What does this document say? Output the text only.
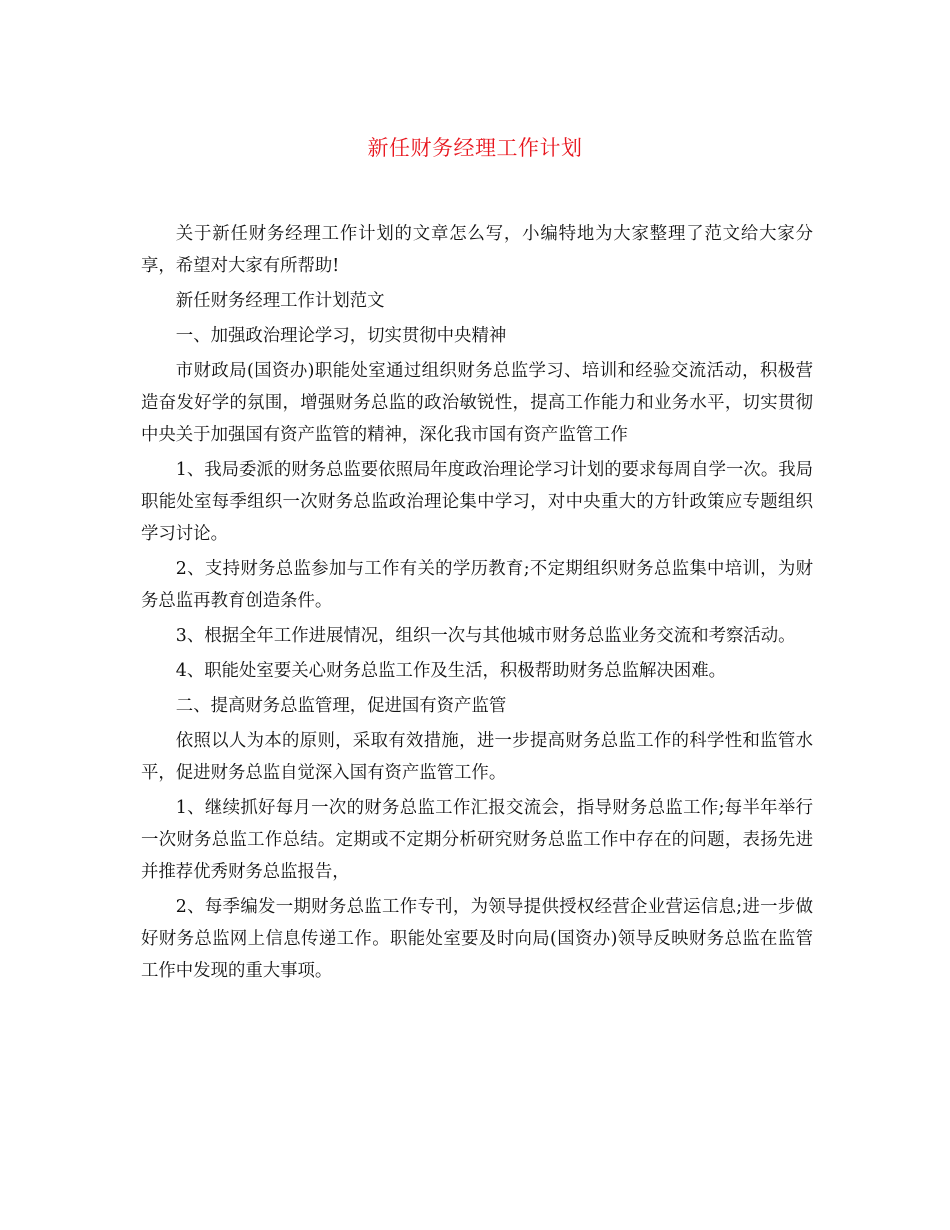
新任财务经理工作计划

关于新任财务经理工作计划的文章怎么写，小编特地为大家整理了范文给大家分享，希望对大家有所帮助!

新任财务经理工作计划范文

一、加强政治理论学习，切实贯彻中央精神

市财政局(国资办)职能处室通过组织财务总监学习、培训和经验交流活动，积极营造奋发好学的氛围，增强财务总监的政治敏锐性，提高工作能力和业务水平，切实贯彻中央关于加强国有资产监管的精神，深化我市国有资产监管工作

1、我局委派的财务总监要依照局年度政治理论学习计划的要求每周自学一次。我局职能处室每季组织一次财务总监政治理论集中学习，对中央重大的方针政策应专题组织学习讨论。

2、支持财务总监参加与工作有关的学历教育;不定期组织财务总监集中培训，为财务总监再教育创造条件。

3、根据全年工作进展情况，组织一次与其他城市财务总监业务交流和考察活动。

4、职能处室要关心财务总监工作及生活，积极帮助财务总监解决困难。

二、提高财务总监管理，促进国有资产监管

依照以人为本的原则，采取有效措施，进一步提高财务总监工作的科学性和监管水平，促进财务总监自觉深入国有资产监管工作。

1、继续抓好每月一次的财务总监工作汇报交流会，指导财务总监工作;每半年举行一次财务总监工作总结。定期或不定期分析研究财务总监工作中存在的问题，表扬先进并推荐优秀财务总监报告，

2、每季编发一期财务总监工作专刊，为领导提供授权经营企业营运信息;进一步做好财务总监网上信息传递工作。职能处室要及时向局(国资办)领导反映财务总监在监管工作中发现的重大事项。
